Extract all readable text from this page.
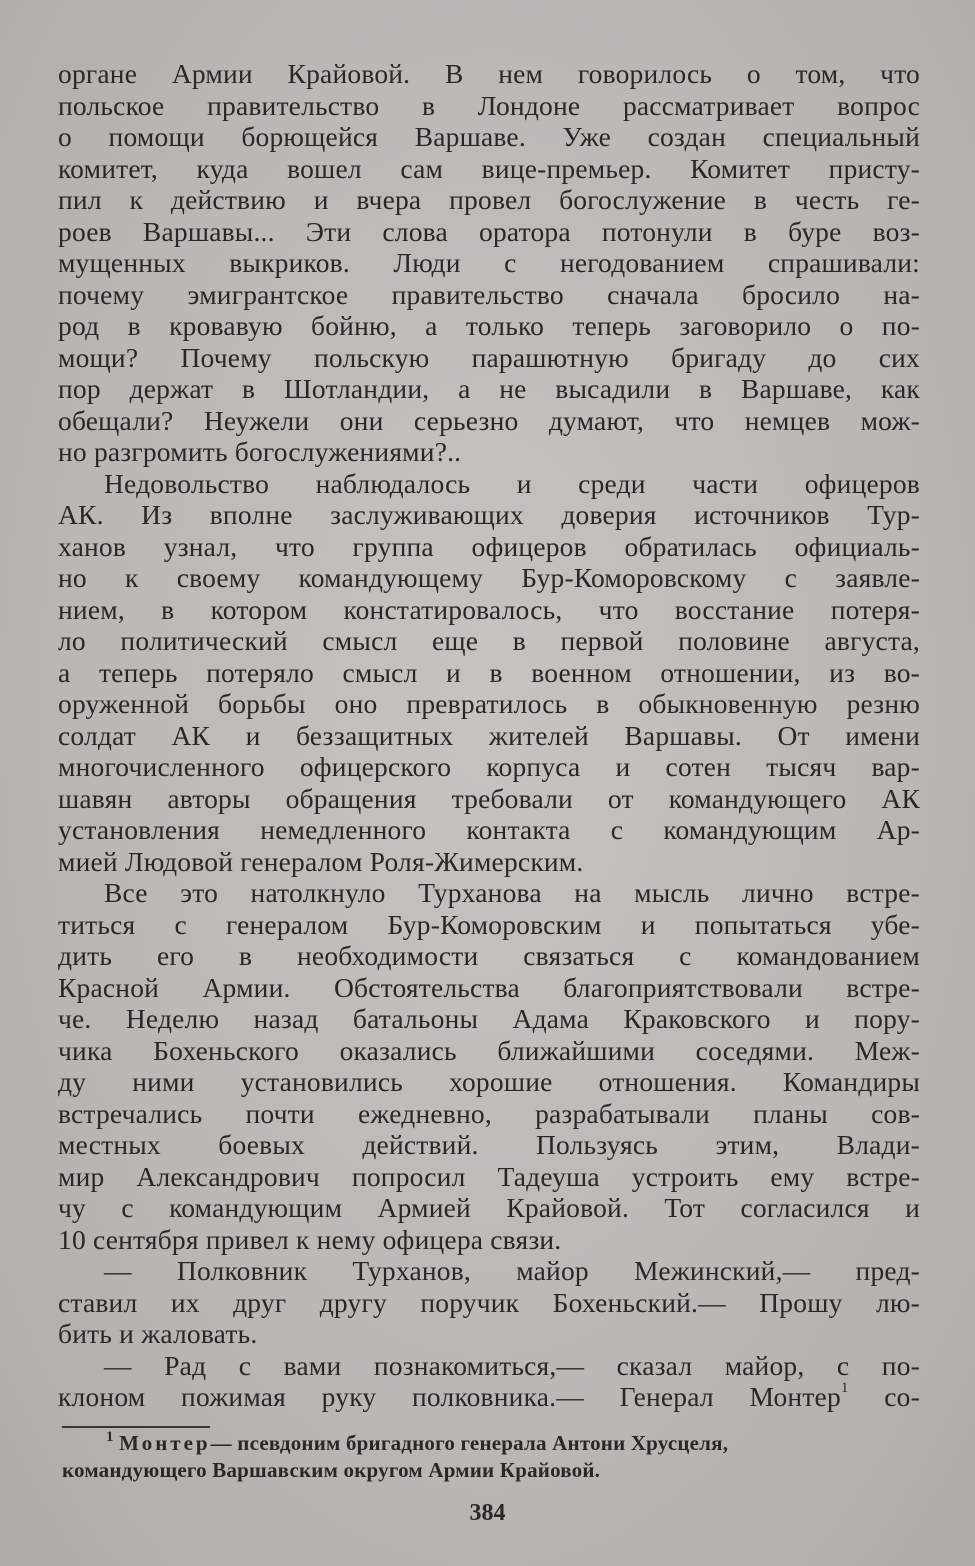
органе Армии Крайовой. В нем говорилось о том, что
польское правительство в Лондоне рассматривает вопрос
о помощи борющейся Варшаве. Уже создан специальный
комитет, куда вошел сам вице-премьер. Комитет присту-
пил к действию и вчера провел богослужение в честь ге-
роев Варшавы... Эти слова оратора потонули в буре воз-
мущенных выкриков. Люди с негодованием спрашивали:
почему эмигрантское правительство сначала бросило на-
род в кровавую бойню, а только теперь заговорило о по-
мощи? Почему польскую парашютную бригаду до сих
пор держат в Шотландии, а не высадили в Варшаве, как
обещали? Неужели они серьезно думают, что немцев мож-
но разгромить богослужениями?..
Недовольство наблюдалось и среди части офицеров
АК. Из вполне заслуживающих доверия источников Тур-
ханов узнал, что группа офицеров обратилась официаль-
но к своему командующему Бур-Коморовскому с заявле-
нием, в котором констатировалось, что восстание потеря-
ло политический смысл еще в первой половине августа,
а теперь потеряло смысл и в военном отношении, из во-
оруженной борьбы оно превратилось в обыкновенную резню
солдат АК и беззащитных жителей Варшавы. От имени
многочисленного офицерского корпуса и сотен тысяч вар-
шавян авторы обращения требовали от командующего АК
установления немедленного контакта с командующим Ар-
мией Людовой генералом Роля-Жимерским.
Все это натолкнуло Турханова на мысль лично встре-
титься с генералом Бур-Коморовским и попытаться убе-
дить его в необходимости связаться с командованием
Красной Армии. Обстоятельства благоприятствовали встре-
че. Неделю назад батальоны Адама Краковского и пору-
чика Бохеньского оказались ближайшими соседями. Меж-
ду ними установились хорошие отношения. Командиры
встречались почти ежедневно, разрабатывали планы сов-
местных боевых действий. Пользуясь этим, Влади-
мир Александрович попросил Тадеуша устроить ему встре-
чу с командующим Армией Крайовой. Тот согласился и
10 сентября привел к нему офицера связи.
— Полковник Турханов, майор Межинский,— пред-
ставил их друг другу поручик Бохеньский.— Прошу лю-
бить и жаловать.
— Рад с вами познакомиться,— сказал майор, с по-
клоном пожимая руку полковника.— Генерал Монтер$^1$ со-
$^1$ Монтер— псевдоним бригадного генерала Антони Хрусцеля,
командующего Варшавским округом Армии Крайовой.
384
